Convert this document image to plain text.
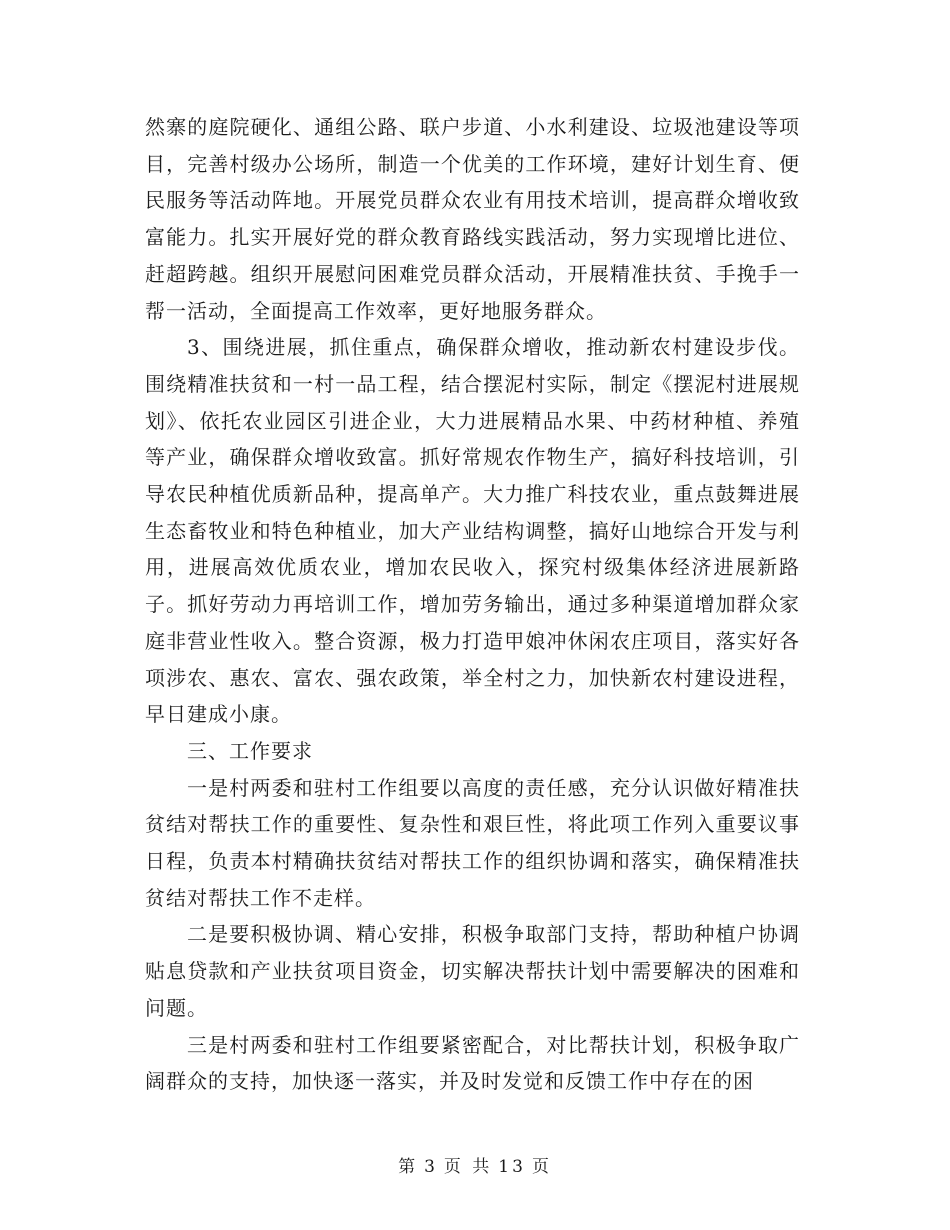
然寨的庭院硬化、通组公路、联户步道、小水利建设、垃圾池建设等项目，完善村级办公场所，制造一个优美的工作环境，建好计划生育、便民服务等活动阵地。开展党员群众农业有用技术培训，提高群众增收致富能力。扎实开展好党的群众教育路线实践活动，努力实现增比进位、赶超跨越。组织开展慰问困难党员群众活动，开展精准扶贫、手挽手一帮一活动，全面提高工作效率，更好地服务群众。

3、围绕进展，抓住重点，确保群众增收，推动新农村建设步伐。围绕精准扶贫和一村一品工程，结合摆泥村实际，制定《摆泥村进展规划》、依托农业园区引进企业，大力进展精品水果、中药材种植、养殖等产业，确保群众增收致富。抓好常规农作物生产，搞好科技培训，引导农民种植优质新品种，提高单产。大力推广科技农业，重点鼓舞进展生态畜牧业和特色种植业，加大产业结构调整，搞好山地综合开发与利用，进展高效优质农业，增加农民收入，探究村级集体经济进展新路子。抓好劳动力再培训工作，增加劳务输出，通过多种渠道增加群众家庭非营业性收入。整合资源，极力打造甲娘冲休闲农庄项目，落实好各项涉农、惠农、富农、强农政策，举全村之力，加快新农村建设进程，早日建成小康。

三、工作要求

一是村两委和驻村工作组要以高度的责任感，充分认识做好精准扶贫结对帮扶工作的重要性、复杂性和艰巨性，将此项工作列入重要议事日程，负责本村精确扶贫结对帮扶工作的组织协调和落实，确保精准扶贫结对帮扶工作不走样。

二是要积极协调、精心安排，积极争取部门支持，帮助种植户协调贴息贷款和产业扶贫项目资金，切实解决帮扶计划中需要解决的困难和问题。

三是村两委和驻村工作组要紧密配合，对比帮扶计划，积极争取广阔群众的支持，加快逐一落实，并及时发觉和反馈工作中存在的困

第 3 页 共 13 页
